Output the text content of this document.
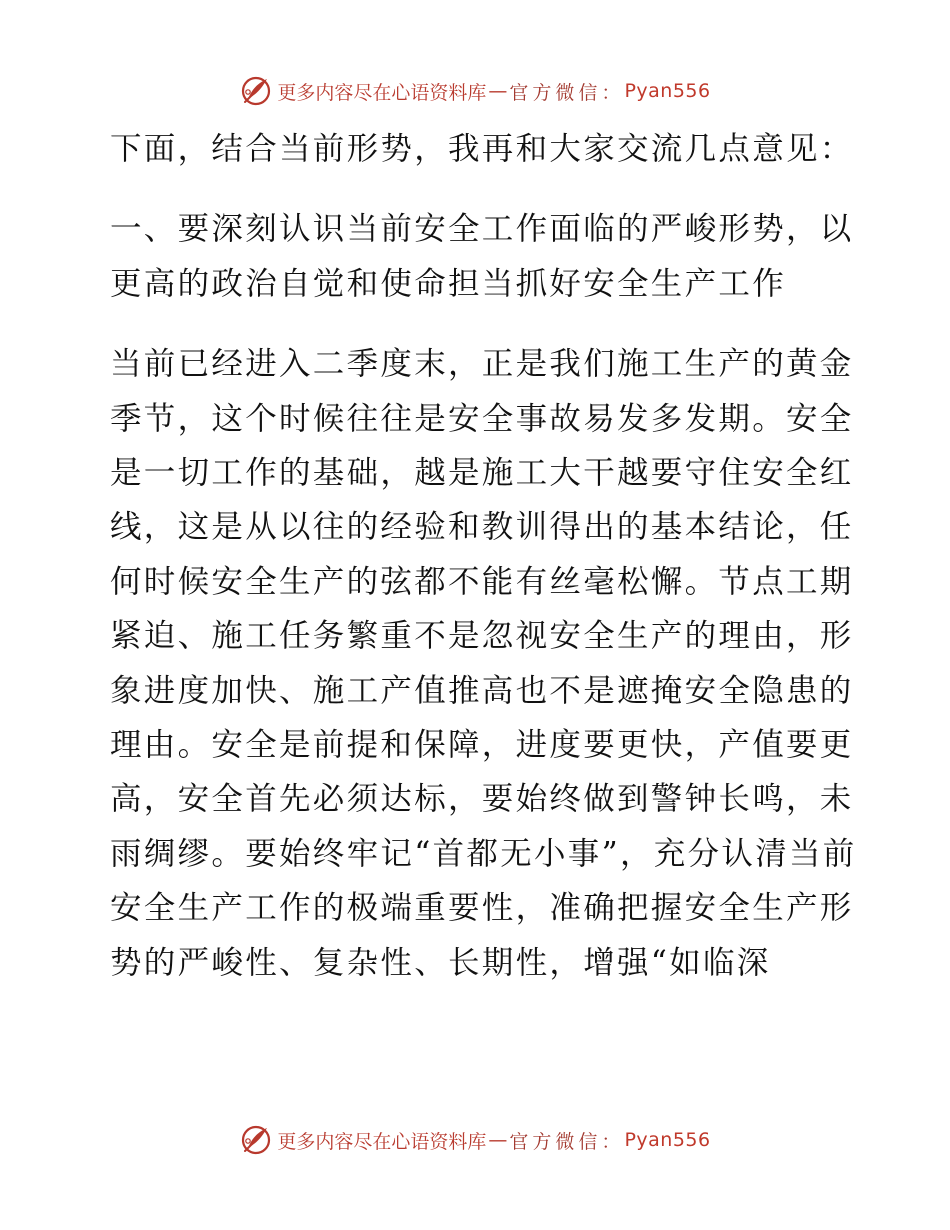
更多内容尽在心语资料库 — 官方微信： Pyan556

下面，结合当前形势，我再和大家交流几点意见：

一、要深刻认识当前安全工作面临的严峻形势，以更高的政治自觉和使命担当抓好安全生产工作

当前已经进入二季度末，正是我们施工生产的黄金季节，这个时候往往是安全事故易发多发期。安全是一切工作的基础，越是施工大干越要守住安全红线，这是从以往的经验和教训得出的基本结论，任何时候安全生产的弦都不能有丝毫松懈。节点工期紧迫、施工任务繁重不是忽视安全生产的理由，形象进度加快、施工产值推高也不是遮掩安全隐患的理由。安全是前提和保障，进度要更快，产值要更高，安全首先必须达标，要始终做到警钟长鸣，未雨绸缪。要始终牢记“首都无小事”，充分认清当前安全生产工作的极端重要性，准确把握安全生产形势的严峻性、复杂性、长期性，增强“如临深

更多内容尽在心语资料库 — 官方微信： Pyan556
